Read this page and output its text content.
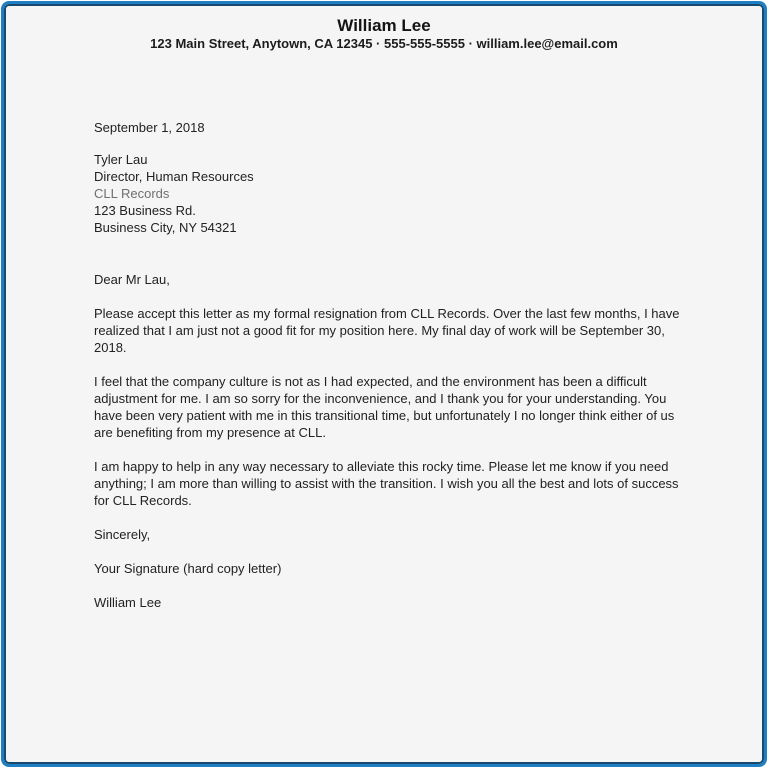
William Lee
123 Main Street, Anytown, CA 12345 · 555-555-5555 · william.lee@email.com

September 1, 2018

Tyler Lau
Director, Human Resources
CLL Records
123 Business Rd.
Business City, NY 54321

Dear Mr Lau,

Please accept this letter as my formal resignation from CLL Records. Over the last few months, I have realized that I am just not a good fit for my position here. My final day of work will be September 30, 2018.

I feel that the company culture is not as I had expected, and the environment has been a difficult adjustment for me. I am so sorry for the inconvenience, and I thank you for your understanding. You have been very patient with me in this transitional time, but unfortunately I no longer think either of us are benefiting from my presence at CLL.

I am happy to help in any way necessary to alleviate this rocky time. Please let me know if you need anything; I am more than willing to assist with the transition. I wish you all the best and lots of success for CLL Records.

Sincerely,

Your Signature (hard copy letter)

William Lee
